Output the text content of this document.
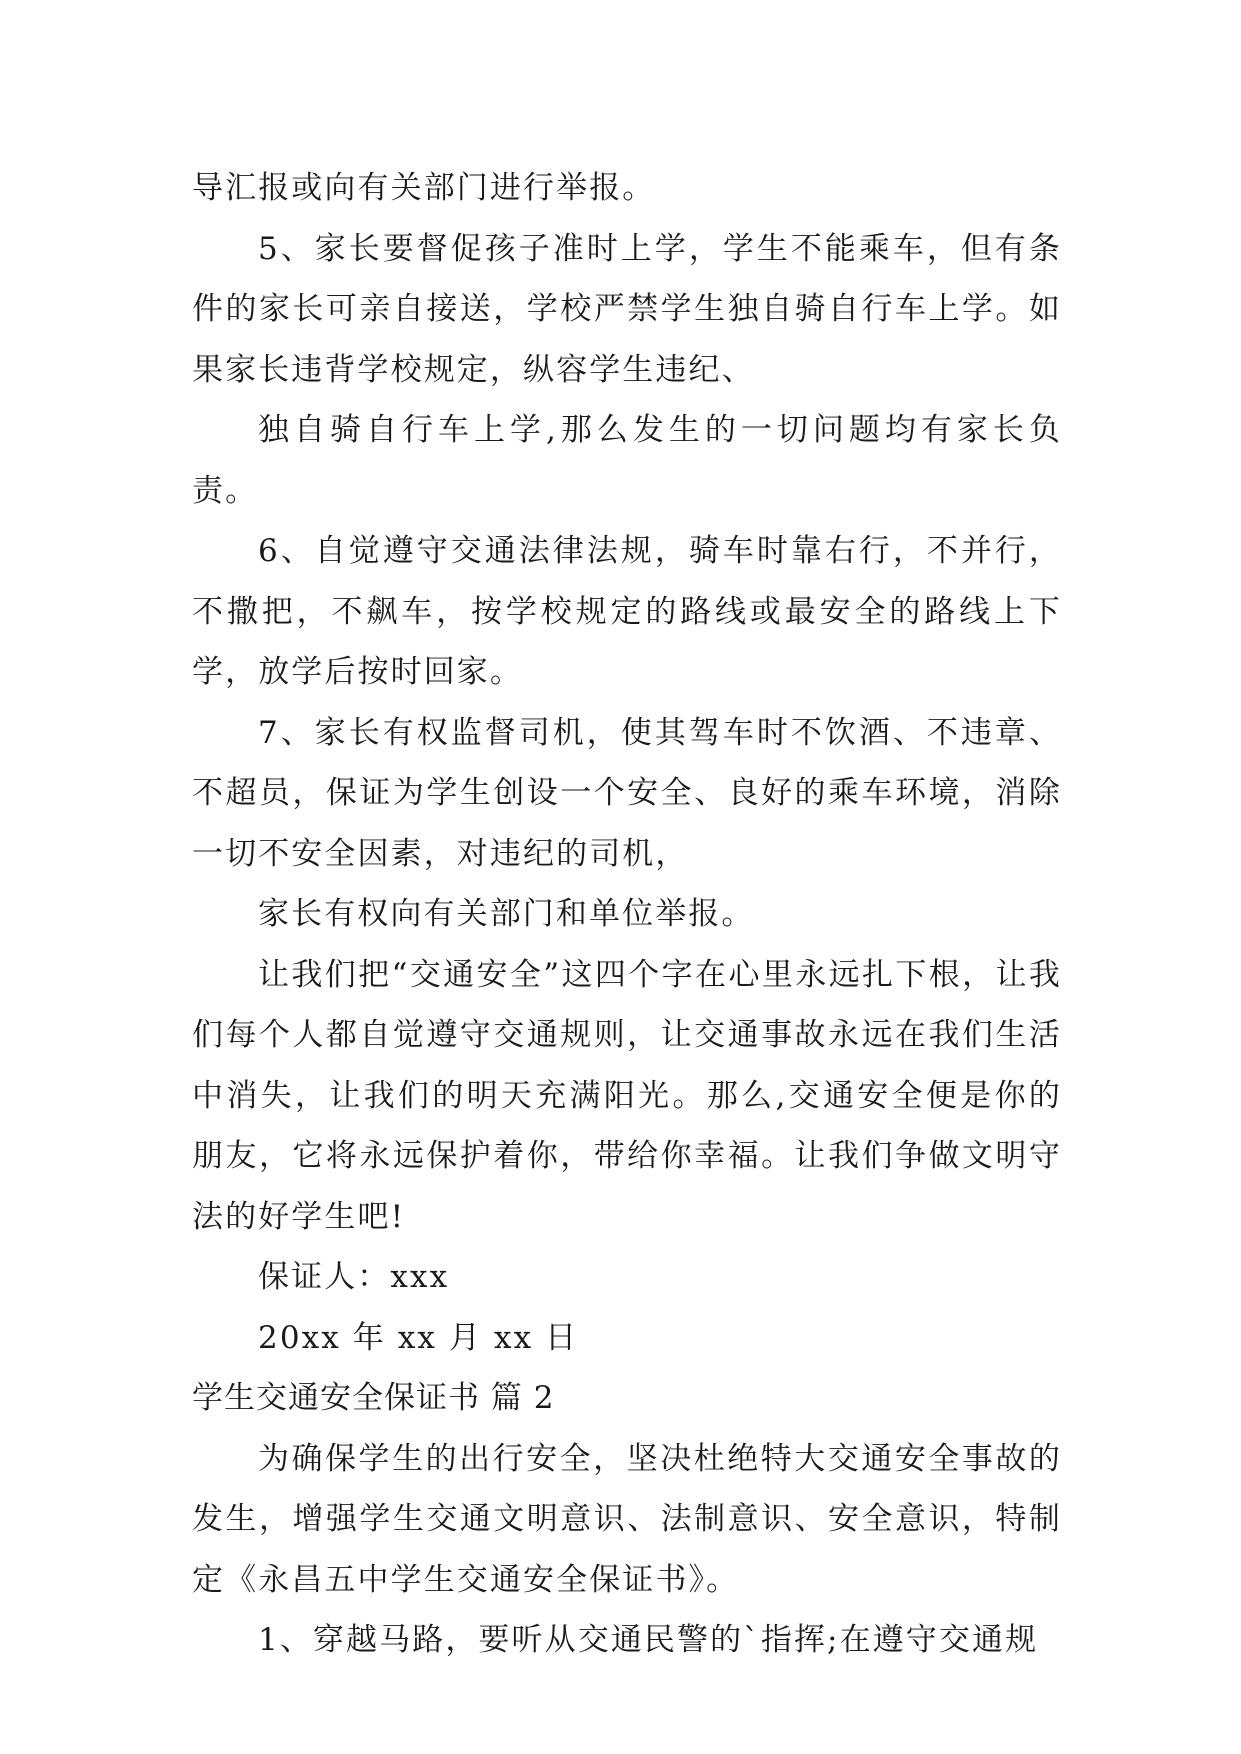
导汇报或向有关部门进行举报。

5、家长要督促孩子准时上学，学生不能乘车，但有条件的家长可亲自接送，学校严禁学生独自骑自行车上学。如果家长违背学校规定，纵容学生违纪、

独自骑自行车上学,那么发生的一切问题均有家长负责。

6、自觉遵守交通法律法规，骑车时靠右行，不并行，不撒把，不飙车，按学校规定的路线或最安全的路线上下学，放学后按时回家。

7、家长有权监督司机，使其驾车时不饮酒、不违章、不超员，保证为学生创设一个安全、良好的乘车环境，消除一切不安全因素，对违纪的司机，

家长有权向有关部门和单位举报。

让我们把“交通安全”这四个字在心里永远扎下根，让我们每个人都自觉遵守交通规则，让交通事故永远在我们生活中消失，让我们的明天充满阳光。那么,交通安全便是你的朋友，它将永远保护着你，带给你幸福。让我们争做文明守法的好学生吧!

保证人：xxx

20xx 年 xx 月 xx 日

学生交通安全保证书 篇 2

为确保学生的出行安全，坚决杜绝特大交通安全事故的发生，增强学生交通文明意识、法制意识、安全意识，特制定《永昌五中学生交通安全保证书》。

1、穿越马路，要听从交通民警的`指挥;在遵守交通规
